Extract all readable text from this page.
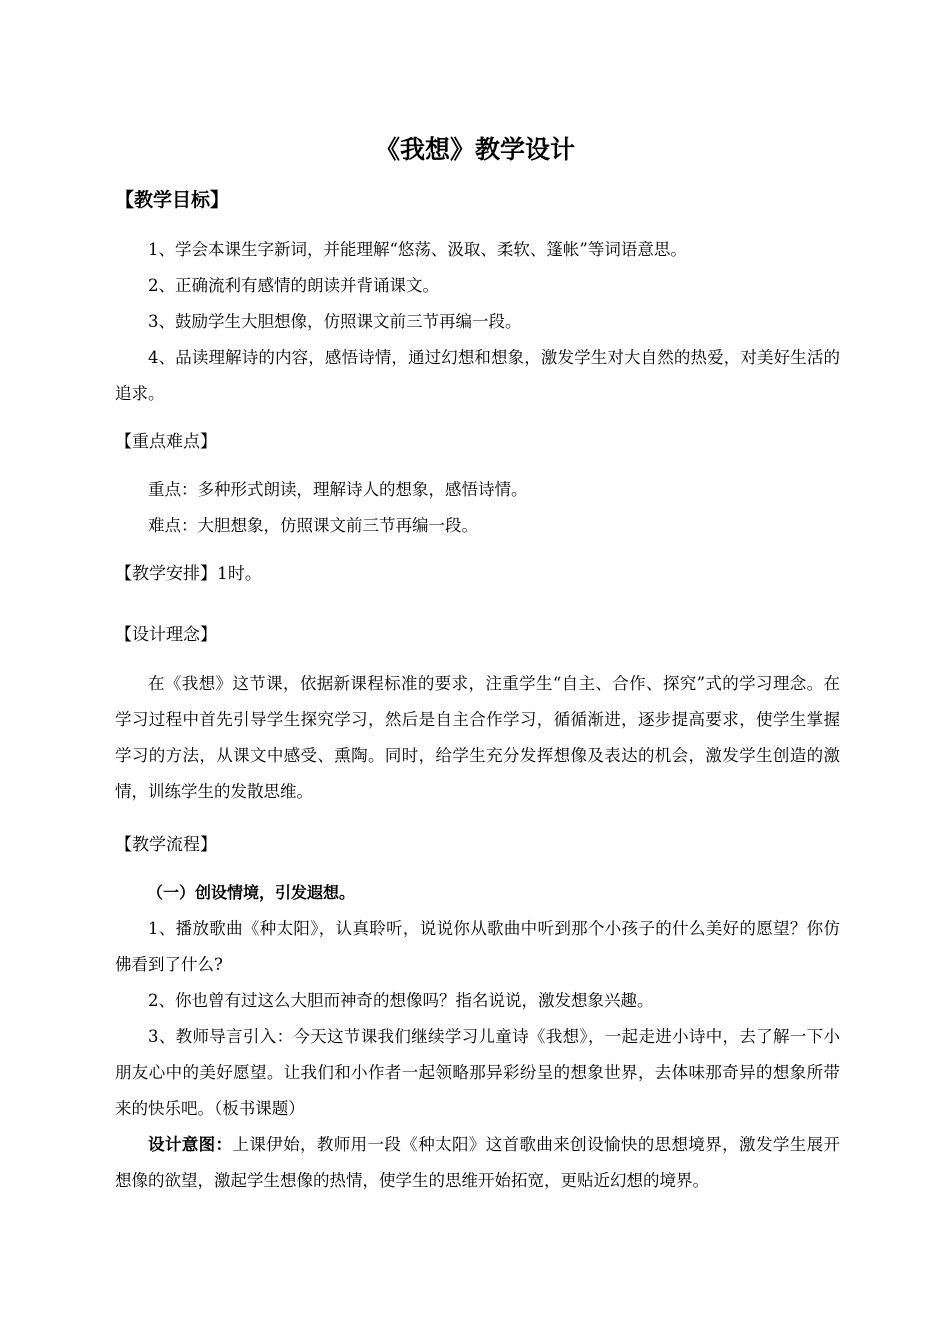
《我想》教学设计

【教学目标】

1、学会本课生字新词，并能理解“悠荡、汲取、柔软、篷帐”等词语意思。

2、正确流利有感情的朗读并背诵课文。

3、鼓励学生大胆想像，仿照课文前三节再编一段。

4、品读理解诗的内容，感悟诗情，通过幻想和想象，激发学生对大自然的热爱，对美好生活的追求。

【重点难点】

重点：多种形式朗读，理解诗人的想象，感悟诗情。

难点：大胆想象，仿照课文前三节再编一段。

【教学安排】1时。

【设计理念】

在《我想》这节课，依据新课程标准的要求，注重学生“自主、合作、探究”式的学习理念。在学习过程中首先引导学生探究学习，然后是自主合作学习，循循渐进，逐步提高要求，使学生掌握学习的方法，从课文中感受、熏陶。同时，给学生充分发挥想像及表达的机会，激发学生创造的激情，训练学生的发散思维。

【教学流程】

（一）创设情境，引发遐想。

1、播放歌曲《种太阳》，认真聆听，说说你从歌曲中听到那个小孩子的什么美好的愿望？你仿佛看到了什么?

2、你也曾有过这么大胆而神奇的想像吗？指名说说，激发想象兴趣。

3、教师导言引入：今天这节课我们继续学习儿童诗《我想》，一起走进小诗中，去了解一下小朋友心中的美好愿望。让我们和小作者一起领略那异彩纷呈的想象世界，去体味那奇异的想象所带来的快乐吧。（板书课题）

设计意图：上课伊始，教师用一段《种太阳》这首歌曲来创设愉快的思想境界，激发学生展开想像的欲望，激起学生想像的热情，使学生的思维开始拓宽，更贴近幻想的境界。
